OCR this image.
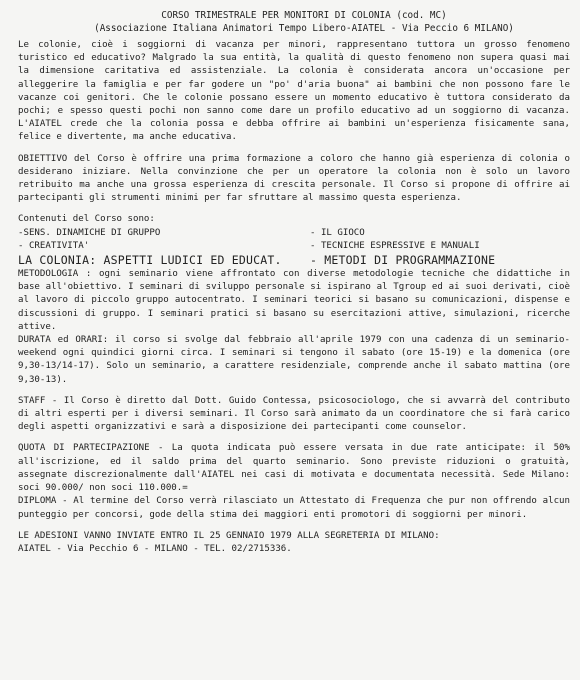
CORSO TRIMESTRALE PER MONITORI DI COLONIA (cod. MC)
(Associazione Italiana Animatori Tempo Libero-AIATEL - Via Peccio 6 MILANO)
Le colonie, cioè i soggiorni di vacanza per minori, rappresentano tuttora un grosso fenomeno turistico ed educativo? Malgrado la sua entità, la qualità di questo fenomeno non supera quasi mai la dimensione caritativa ed assistenziale. La colonia è considerata ancora un'occasione per alleggerire la famiglia e per far godere un "po' d'aria buona" ai bambini che non possono fare le vacanze coi genitori. Che le colonie possano essere un momento educativo è tuttora considerato da pochi; e spesso questi pochi non sanno come dare un profilo educativo ad un soggiorno di vacanza. L'AIATEL crede che la colonia possa e debba offrire ai bambini un'esperienza fisicamente sana, felice e divertente, ma anche educativa.
OBIETTIVO del Corso è offrire una prima formazione a coloro che hanno già esperienza di colonia o desiderano iniziare. Nella convinzione che per un operatore la colonia non è solo un lavoro retribuito ma anche una grossa esperienza di crescita personale. Il Corso si propone di offrire ai partecipanti gli strumenti minimi per far sfruttare al massimo questa esperienza.
Contenuti del Corso sono:
-SENS. DINAMICHE DI GRUPPO
- CREATIVITA'
LA COLONIA: ASPETTI LUDICI ED EDUCAT.
- IL GIOCO
- TECNICHE ESPRESSIVE E MANUALI
- METODI DI PROGRAMMAZIONE
METODOLOGIA : ogni seminario viene affrontato con diverse metodologie tecniche che didattiche in base all'obiettivo. I seminari di sviluppo personale si ispirano al Tgroup ed ai suoi derivati, cioè al lavoro di piccolo gruppo autocentrato. I seminari teorici si basano su comunicazioni, dispense e discussioni di gruppo. I seminari pratici si basano su esercitazioni attive, simulazioni, ricerche attive.
DURATA ed ORARI: il corso si svolge dal febbraio all'aprile 1979 con una cadenza di un seminario-weekend ogni quindici giorni circa. I seminari si tengono il sabato (ore 15-19) e la domenica (ore 9,30-13/14-17). Solo un seminario, a carattere residenziale, comprende anche il sabato mattina (ore 9,30-13).
STAFF - Il Corso è diretto dal Dott. Guido Contessa, psicosociologo, che si avvarrà del contributo di altri esperti per i diversi seminari. Il Corso sarà animato da un coordinatore che si farà carico degli aspetti organizzativi e sarà a disposizione dei partecipanti come counselor.
QUOTA DI PARTECIPAZIONE - La quota indicata può essere versata in due rate anticipate: il 50% all'iscrizione, ed il saldo prima del quarto seminario. Sono previste riduzioni o gratuità, assegnate discrezionalmente dall'AIATEL nei casi di motivata e documentata necessità. Sede Milano: soci 90.000/ non soci 110.000.=
DIPLOMA - Al termine del Corso verrà rilasciato un Attestato di Frequenza che pur non offrendo alcun punteggio per concorsi, gode della stima dei maggiori enti promotori di soggiorni per minori.
LE ADESIONI VANNO INVIATE ENTRO IL 25 GENNAIO 1979 ALLA SEGRETERIA DI MILANO:
AIATEL - Via Pecchio 6 - MILANO - TEL. 02/2715336.
